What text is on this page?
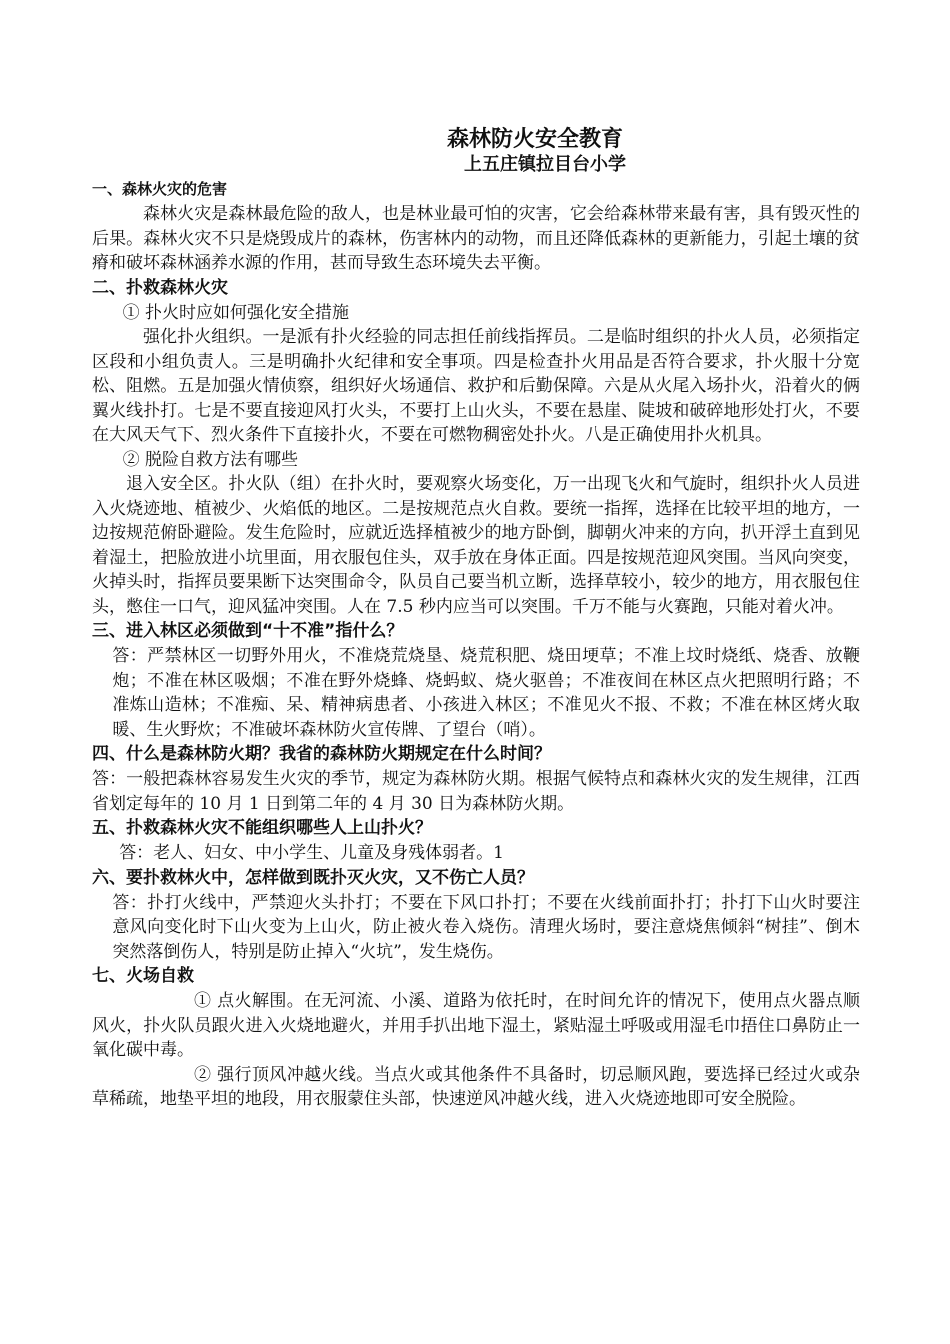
森林防火安全教育
上五庄镇拉目台小学
一、森林火灾的危害

森林火灾是森林最危险的敌人，也是林业最可怕的灾害，它会给森林带来最有害，具有毁灭性的后果。森林火灾不只是烧毁成片的森林，伤害林内的动物，而且还降低森林的更新能力，引起土壤的贫瘠和破坏森林涵养水源的作用，甚而导致生态环境失去平衡。

二、扑救森林火灾
① 扑火时应如何强化安全措施

强化扑火组织。一是派有扑火经验的同志担任前线指挥员。二是临时组织的扑火人员，必须指定区段和小组负责人。三是明确扑火纪律和安全事项。四是检查扑火用品是否符合要求，扑火服十分宽松、阻燃。五是加强火情侦察，组织好火场通信、救护和后勤保障。六是从火尾入场扑火，沿着火的俩翼火线扑打。七是不要直接迎风打火头，不要打上山火头，不要在悬崖、陡坡和破碎地形处打火，不要在大风天气下、烈火条件下直接扑火，不要在可燃物稠密处扑火。八是正确使用扑火机具。

② 脱险自救方法有哪些

退入安全区。扑火队（组）在扑火时，要观察火场变化，万一出现飞火和气旋时，组织扑火人员进入火烧迹地、植被少、火焰低的地区。二是按规范点火自救。要统一指挥，选择在比较平坦的地方，一边按规范俯卧避险。发生危险时，应就近选择植被少的地方卧倒，脚朝火冲来的方向，扒开浮土直到见着湿土，把脸放进小坑里面，用衣服包住头，双手放在身体正面。四是按规范迎风突围。当风向突变，火掉头时，指挥员要果断下达突围命令，队员自己要当机立断，选择草较小，较少的地方，用衣服包住头，憋住一口气，迎风猛冲突围。人在 7.5 秒内应当可以突围。千万不能与火赛跑，只能对着火冲。

三、进入林区必须做到“十不准”指什么？
答：严禁林区一切野外用火，不准烧荒烧垦、烧荒积肥、烧田埂草；不准上坟时烧纸、烧香、放鞭炮；不准在林区吸烟；不准在野外烧蜂、烧蚂蚁、烧火驱兽；不准夜间在林区点火把照明行路；不准炼山造林；不准痴、呆、精神病患者、小孩进入林区；不准见火不报、不救；不准在林区烤火取暖、生火野炊；不准破坏森林防火宣传牌、了望台（哨）。
四、什么是森林防火期？我省的森林防火期规定在什么时间？

答：一般把森林容易发生火灾的季节，规定为森林防火期。根据气候特点和森林火灾的发生规律，江西省划定每年的 10 月 1 日到第二年的 4 月 30 日为森林防火期。

五、扑救森林火灾不能组织哪些人上山扑火？
答：老人、妇女、中小学生、儿童及身残体弱者。1
六、要扑救林火中，怎样做到既扑灭火灾，又不伤亡人员？
答：扑打火线中，严禁迎火头扑打；不要在下风口扑打；不要在火线前面扑打；扑打下山火时要注意风向变化时下山火变为上山火，防止被火卷入烧伤。清理火场时，要注意烧焦倾斜“树挂”、倒木突然落倒伤人，特别是防止掉入“火坑”，发生烧伤。
七、火场自救

① 点火解围。在无河流、小溪、道路为依托时，在时间允许的情况下，使用点火器点顺风火，扑火队员跟火进入火烧地避火，并用手扒出地下湿土，紧贴湿土呼吸或用湿毛巾捂住口鼻防止一氧化碳中毒。

② 强行顶风冲越火线。当点火或其他条件不具备时，切忌顺风跑，要选择已经过火或杂草稀疏，地垫平坦的地段，用衣服蒙住头部，快速逆风冲越火线，进入火烧迹地即可安全脱险。
